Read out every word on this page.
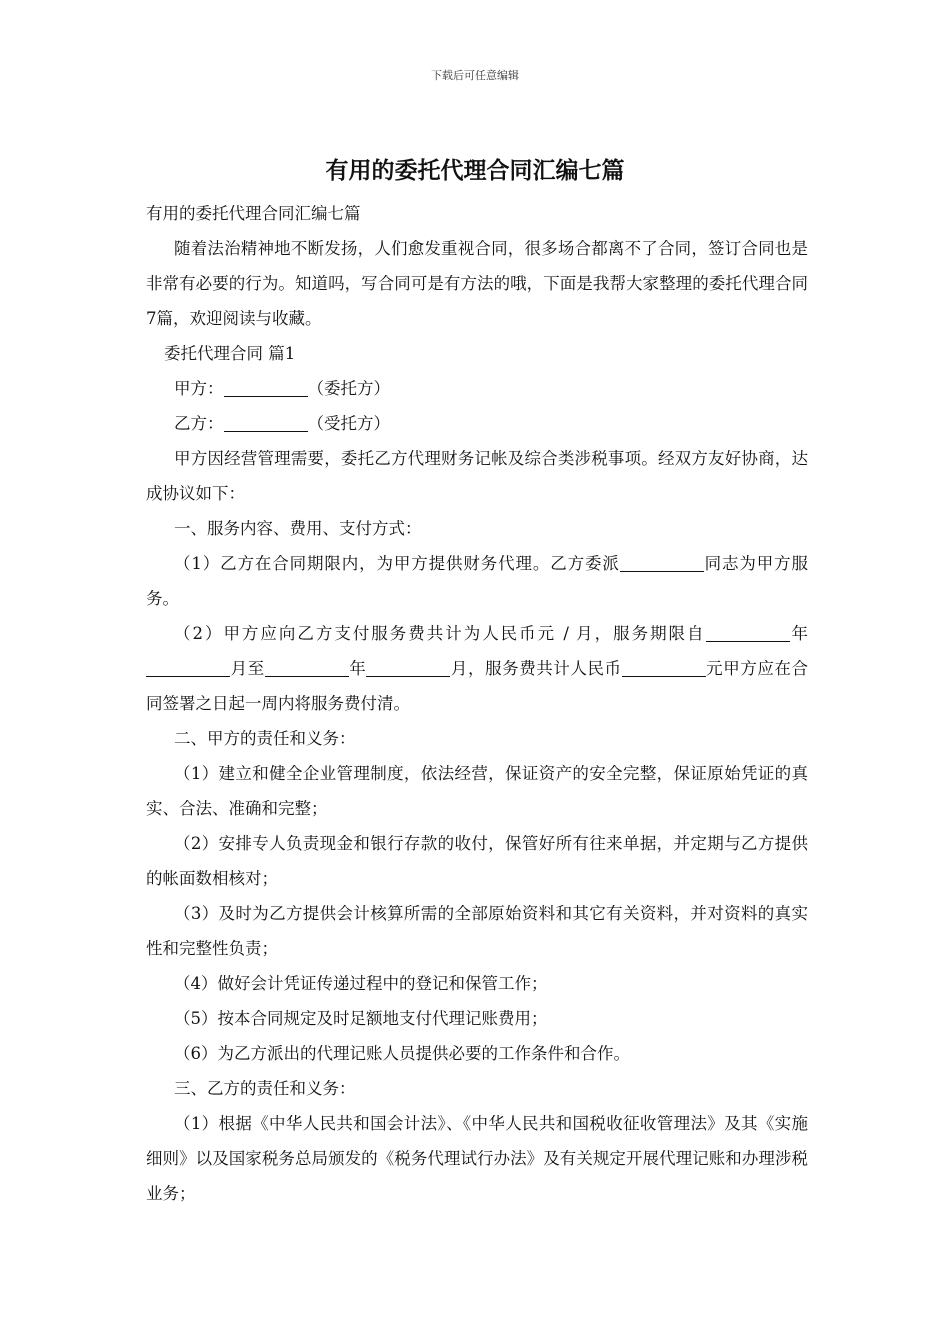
下载后可任意编辑
有用的委托代理合同汇编七篇

有用的委托代理合同汇编七篇

随着法治精神地不断发扬，人们愈发重视合同，很多场合都离不了合同，签订合同也是非常有必要的行为。知道吗，写合同可是有方法的哦，下面是我帮大家整理的委托代理合同7篇，欢迎阅读与收藏。

委托代理合同 篇1

甲方：	（委托方）

乙方：	（受托方）

甲方因经营管理需要，委托乙方代理财务记帐及综合类涉税事项。经双方友好协商，达成协议如下：

一、服务内容、费用、支付方式：

（1）乙方在合同期限内，为甲方提供财务代理。乙方委派	同志为甲方服务。

（2）甲方应向乙方支付服务费共计为人民币元 / 月，服务期限自	年月至	年	月，服务费共计人民币	元甲方应在合同签署之日起一周内将服务费付清。

二、甲方的责任和义务：

（1）建立和健全企业管理制度，依法经营，保证资产的安全完整，保证原始凭证的真实、合法、准确和完整；

（2）安排专人负责现金和银行存款的收付，保管好所有往来单据，并定期与乙方提供的帐面数相核对；

（3）及时为乙方提供会计核算所需的全部原始资料和其它有关资料，并对资料的真实性和完整性负责；

（4）做好会计凭证传递过程中的登记和保管工作；

（5）按本合同规定及时足额地支付代理记账费用；

（6）为乙方派出的代理记账人员提供必要的工作条件和合作。

三、乙方的责任和义务：

（1）根据《中华人民共和国会计法》、《中华人民共和国税收征收管理法》及其《实施细则》以及国家税务总局颁发的《税务代理试行办法》及有关规定开展代理记账和办理涉税业务；
